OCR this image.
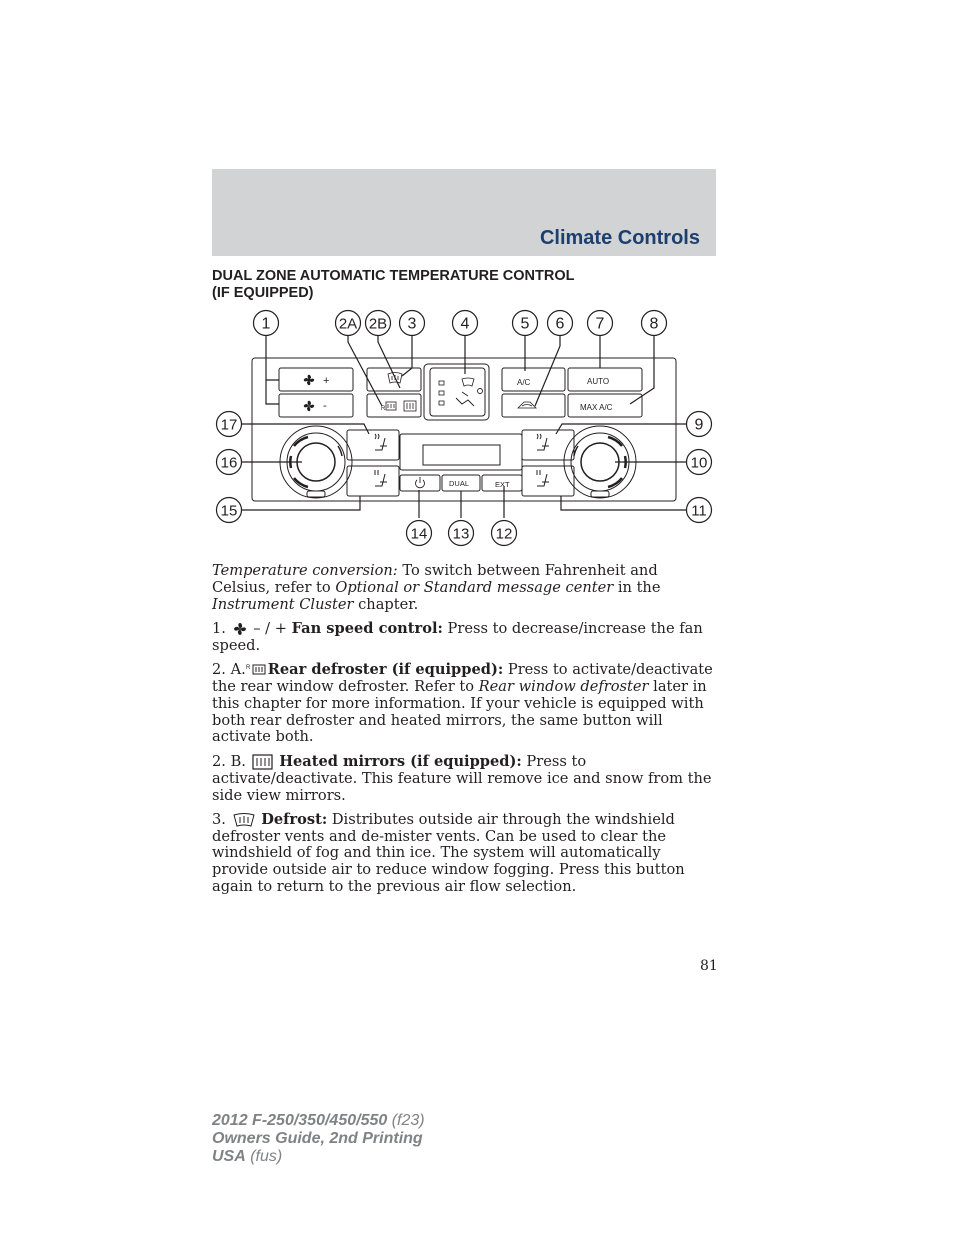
Climate Controls
DUAL ZONE AUTOMATIC TEMPERATURE CONTROL
(IF EQUIPPED)
+
-	R
A/C	AUTO
MAX A/C
DUAL	EXT
1	2A 2B 3	4	5 6 7	8
9
10
11
12
13
14
15
16
17

Temperature conversion: To switch between Fahrenheit and Celsius, refer to Optional or Standard message center in the Instrument Cluster chapter.

1.  – / + Fan speed control: Press to decrease/increase the fan speed.

2. A. R Rear defroster (if equipped): Press to activate/deactivate the rear window defroster. Refer to Rear window defroster later in this chapter for more information. If your vehicle is equipped with both rear defroster and heated mirrors, the same button will activate both.

2. B. Heated mirrors (if equipped): Press to activate/deactivate. This feature will remove ice and snow from the side view mirrors.

3. Defrost: Distributes outside air through the windshield defroster vents and de-mister vents. Can be used to clear the windshield of fog and thin ice. The system will automatically provide outside air to reduce window fogging. Press this button again to return to the previous air flow selection.

81
2012 F-250/350/450/550 (f23)
Owners Guide, 2nd Printing
USA (fus)
